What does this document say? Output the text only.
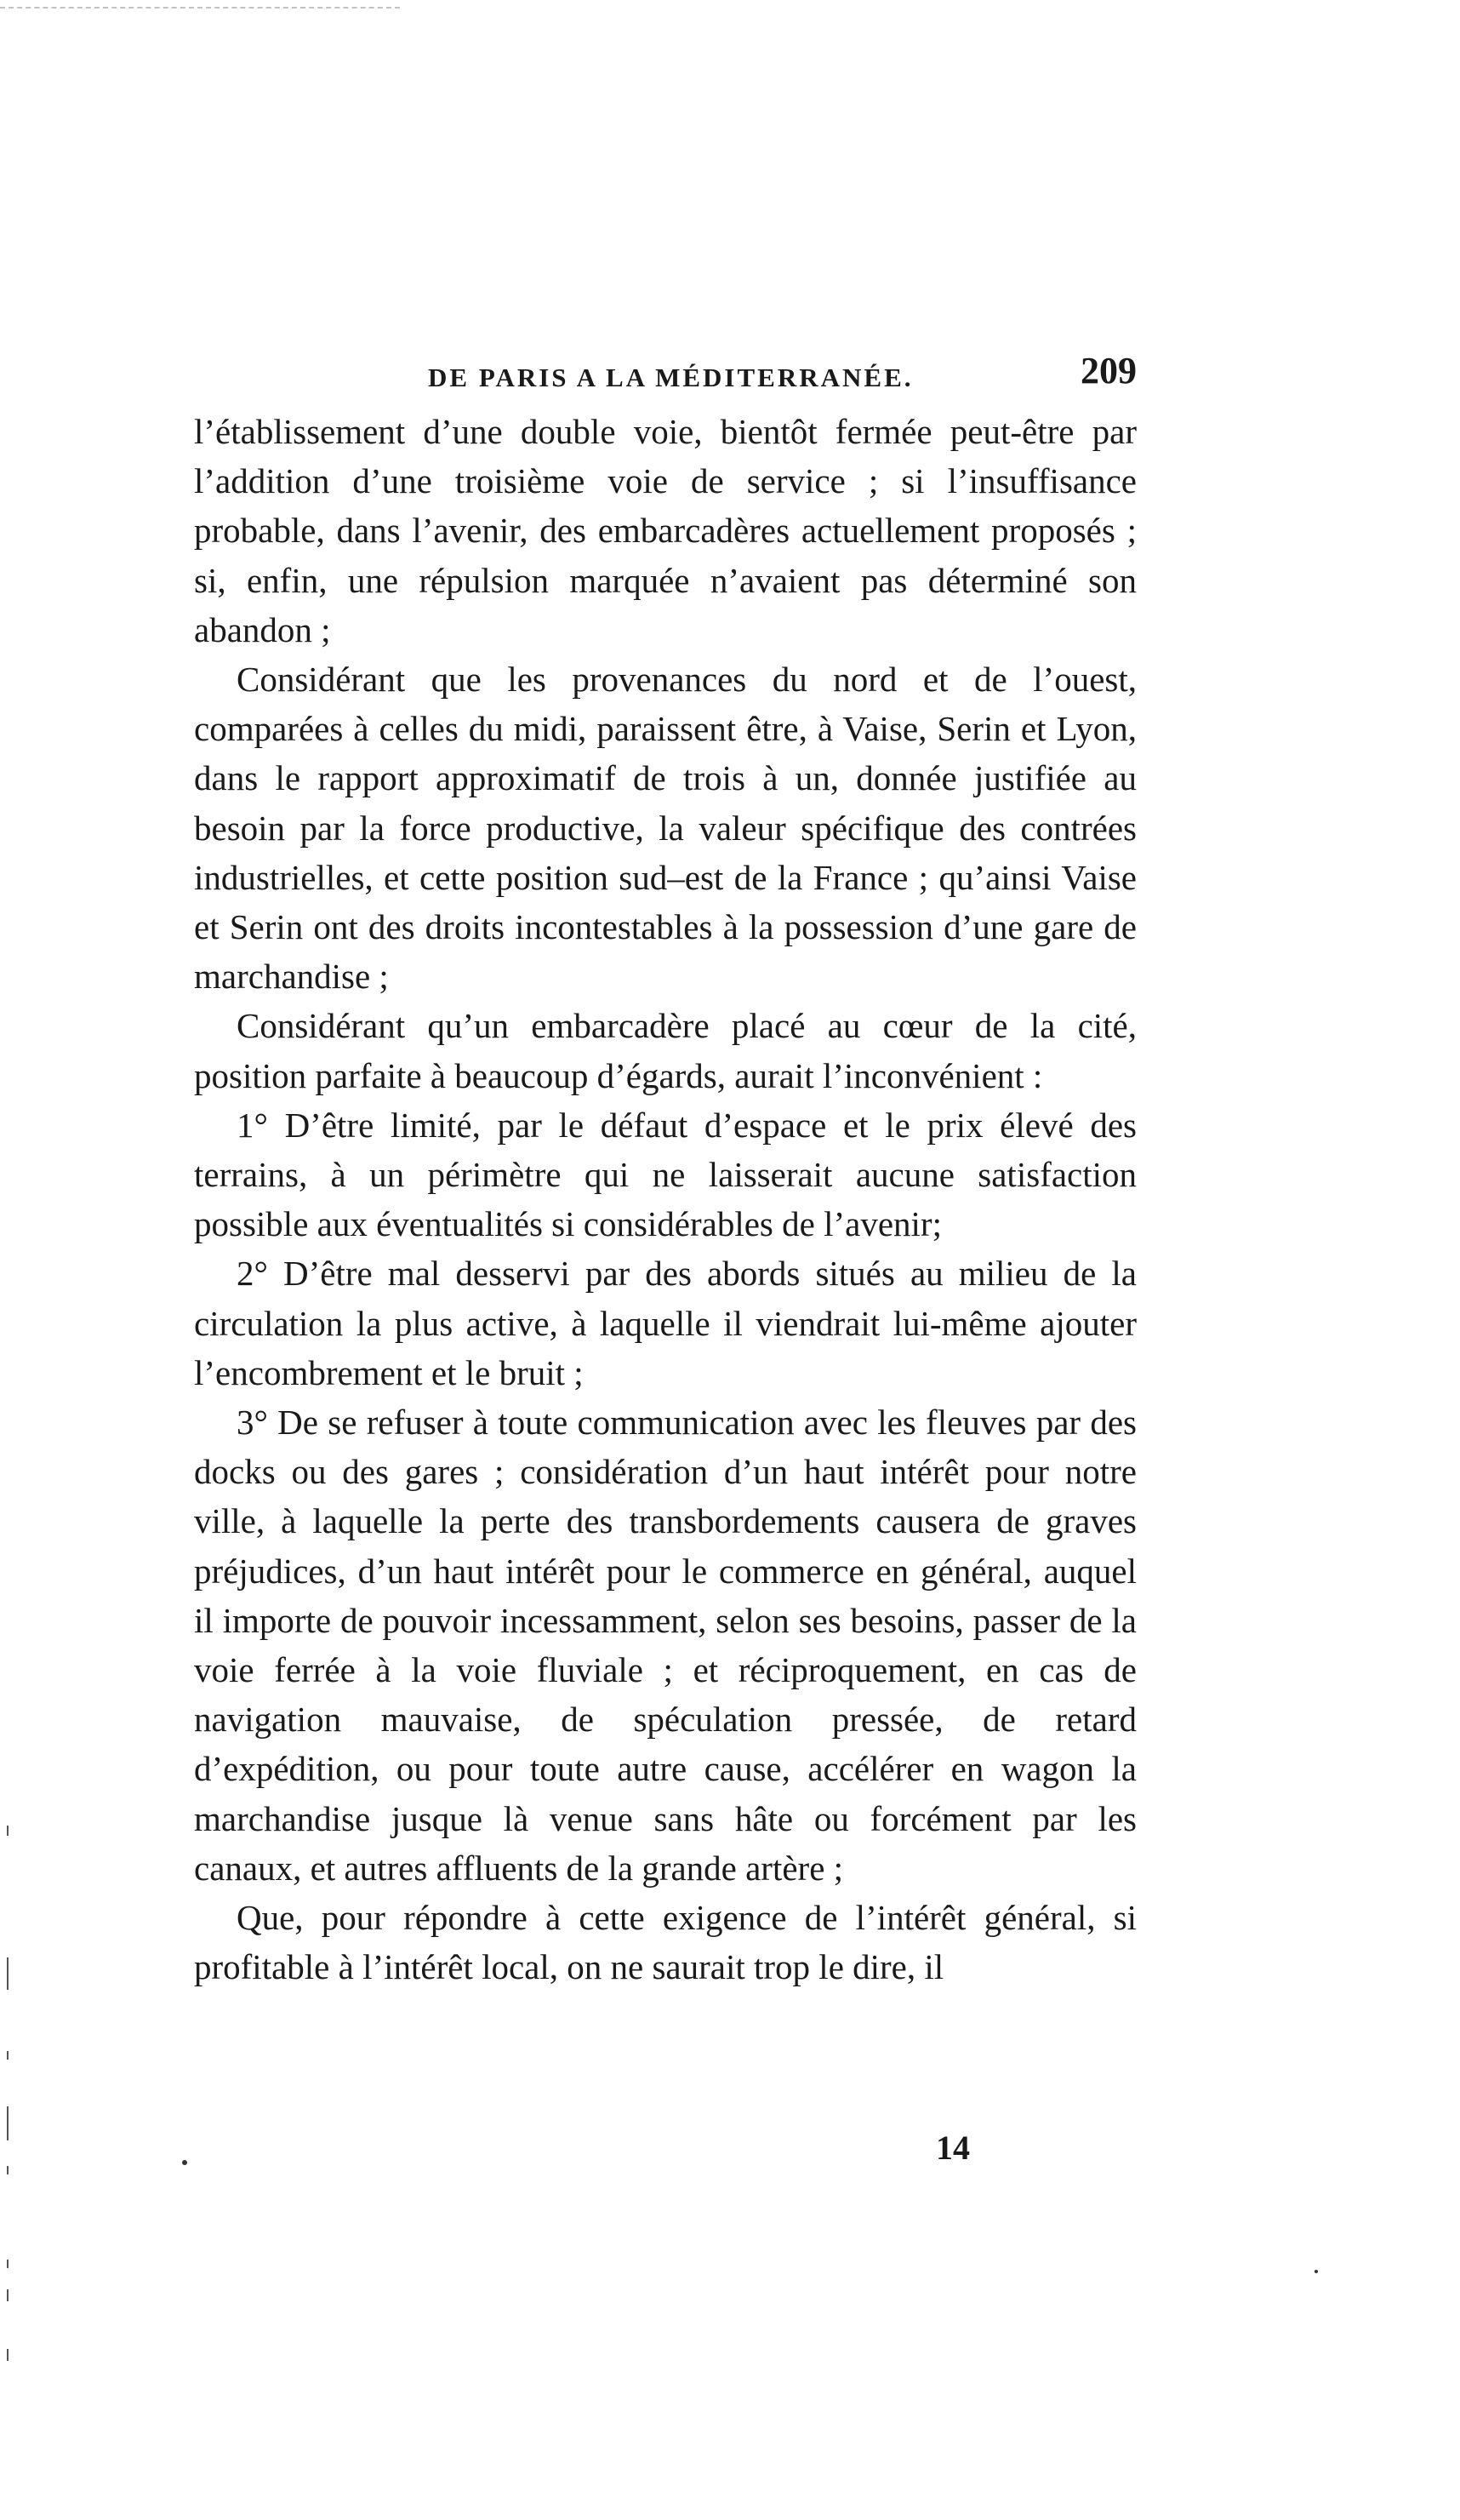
DE PARIS A LA MÉDITERRANÉE.	209

l’établissement d’une double voie, bientôt fermée peut-être par l’addition d’une troisième voie de service ; si l’insuffisance probable, dans l’avenir, des embarcadères actuellement proposés ; si, enfin, une répulsion marquée n’avaient pas déterminé son abandon ;

Considérant que les provenances du nord et de l’ouest, comparées à celles du midi, paraissent être, à Vaise, Serin et Lyon, dans le rapport approximatif de trois à un, donnée justifiée au besoin par la force productive, la valeur spécifique des contrées industrielles, et cette position sud–est de la France ; qu’ainsi Vaise et Serin ont des droits incontestables à la possession d’une gare de marchandise ;

Considérant qu’un embarcadère placé au cœur de la cité, position parfaite à beaucoup d’égards, aurait l’inconvénient :

1° D’être limité, par le défaut d’espace et le prix élevé des terrains, à un périmètre qui ne laisserait aucune satisfaction possible aux éventualités si considérables de l’avenir;

2° D’être mal desservi par des abords situés au milieu de la circulation la plus active, à laquelle il viendrait lui-même ajouter l’encombrement et le bruit ;

3° De se refuser à toute communication avec les fleuves par des docks ou des gares ; considération d’un haut intérêt pour notre ville, à laquelle la perte des transbordements causera de graves préjudices, d’un haut intérêt pour le commerce en général, auquel il importe de pouvoir incessamment, selon ses besoins, passer de la voie ferrée à la voie fluviale ; et réciproquement, en cas de navigation mauvaise, de spéculation pressée, de retard d’expédition, ou pour toute autre cause, accélérer en wagon la marchandise jusque là venue sans hâte ou forcément par les canaux, et autres affluents de la grande artère ;

Que, pour répondre à cette exigence de l’intérêt général, si profitable à l’intérêt local, on ne saurait trop le dire, il

14
